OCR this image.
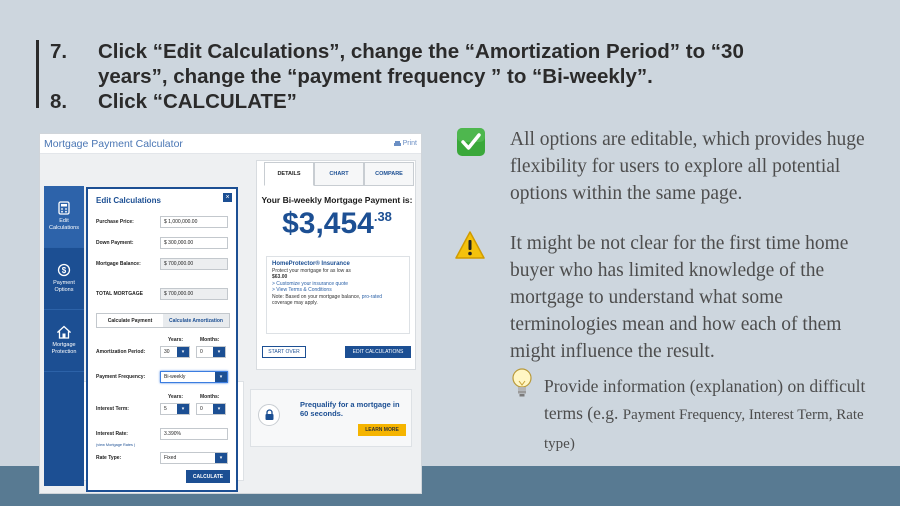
7.	Click “Edit Calculations”, change the “Amortization Period” to “30 years”, change the “payment frequency ” to “Bi-weekly”.
8.	Click “CALCULATE”
Mortgage Payment Calculator	Print
Edit Calculations
$
Payment Options
Mortgage Protection
DETAILS	CHART	COMPARE
Your Bi-weekly Mortgage Payment is:
$\$3,454^{.38}$
HomeProtector® Insurance
Protect your mortgage for as low as
$63.00
> Customize your insurance quote
> View Terms & Conditions
Note: Based on your mortgage balance, pro-rated coverage may apply.
START OVER	EDIT CALCULATIONS
Prequalify for a mortgage in 60 seconds.
LEARN MORE
Edit Calculations	×
Purchase Price:	$ 1,000,000.00
Down Payment:	$ 300,000.00
Mortgage Balance:	$ 700,000.00
TOTAL MORTGAGE	$ 700,000.00
Calculate Payment	Calculate Amortization
Years:	Months:
Amortization Period:	30	▾	0	▾
Payment Frequency:	Bi-weekly	▾
Years:	Months:
Interest Term:	5	▾	0	▾
Interest Rate:	3.390%
(view Mortgage Rates )
Rate Type:	Fixed	▾
CALCULATE
All options are editable, which provides huge flexibility for users to explore all potential options within the same page.
It might be not clear for the first time home buyer who has limited knowledge of the mortgage to understand what some terminologies mean and how each of them might influence the result.
Provide information (explanation) on difficult terms (e.g. Payment Frequency, Interest Term, Rate type)
